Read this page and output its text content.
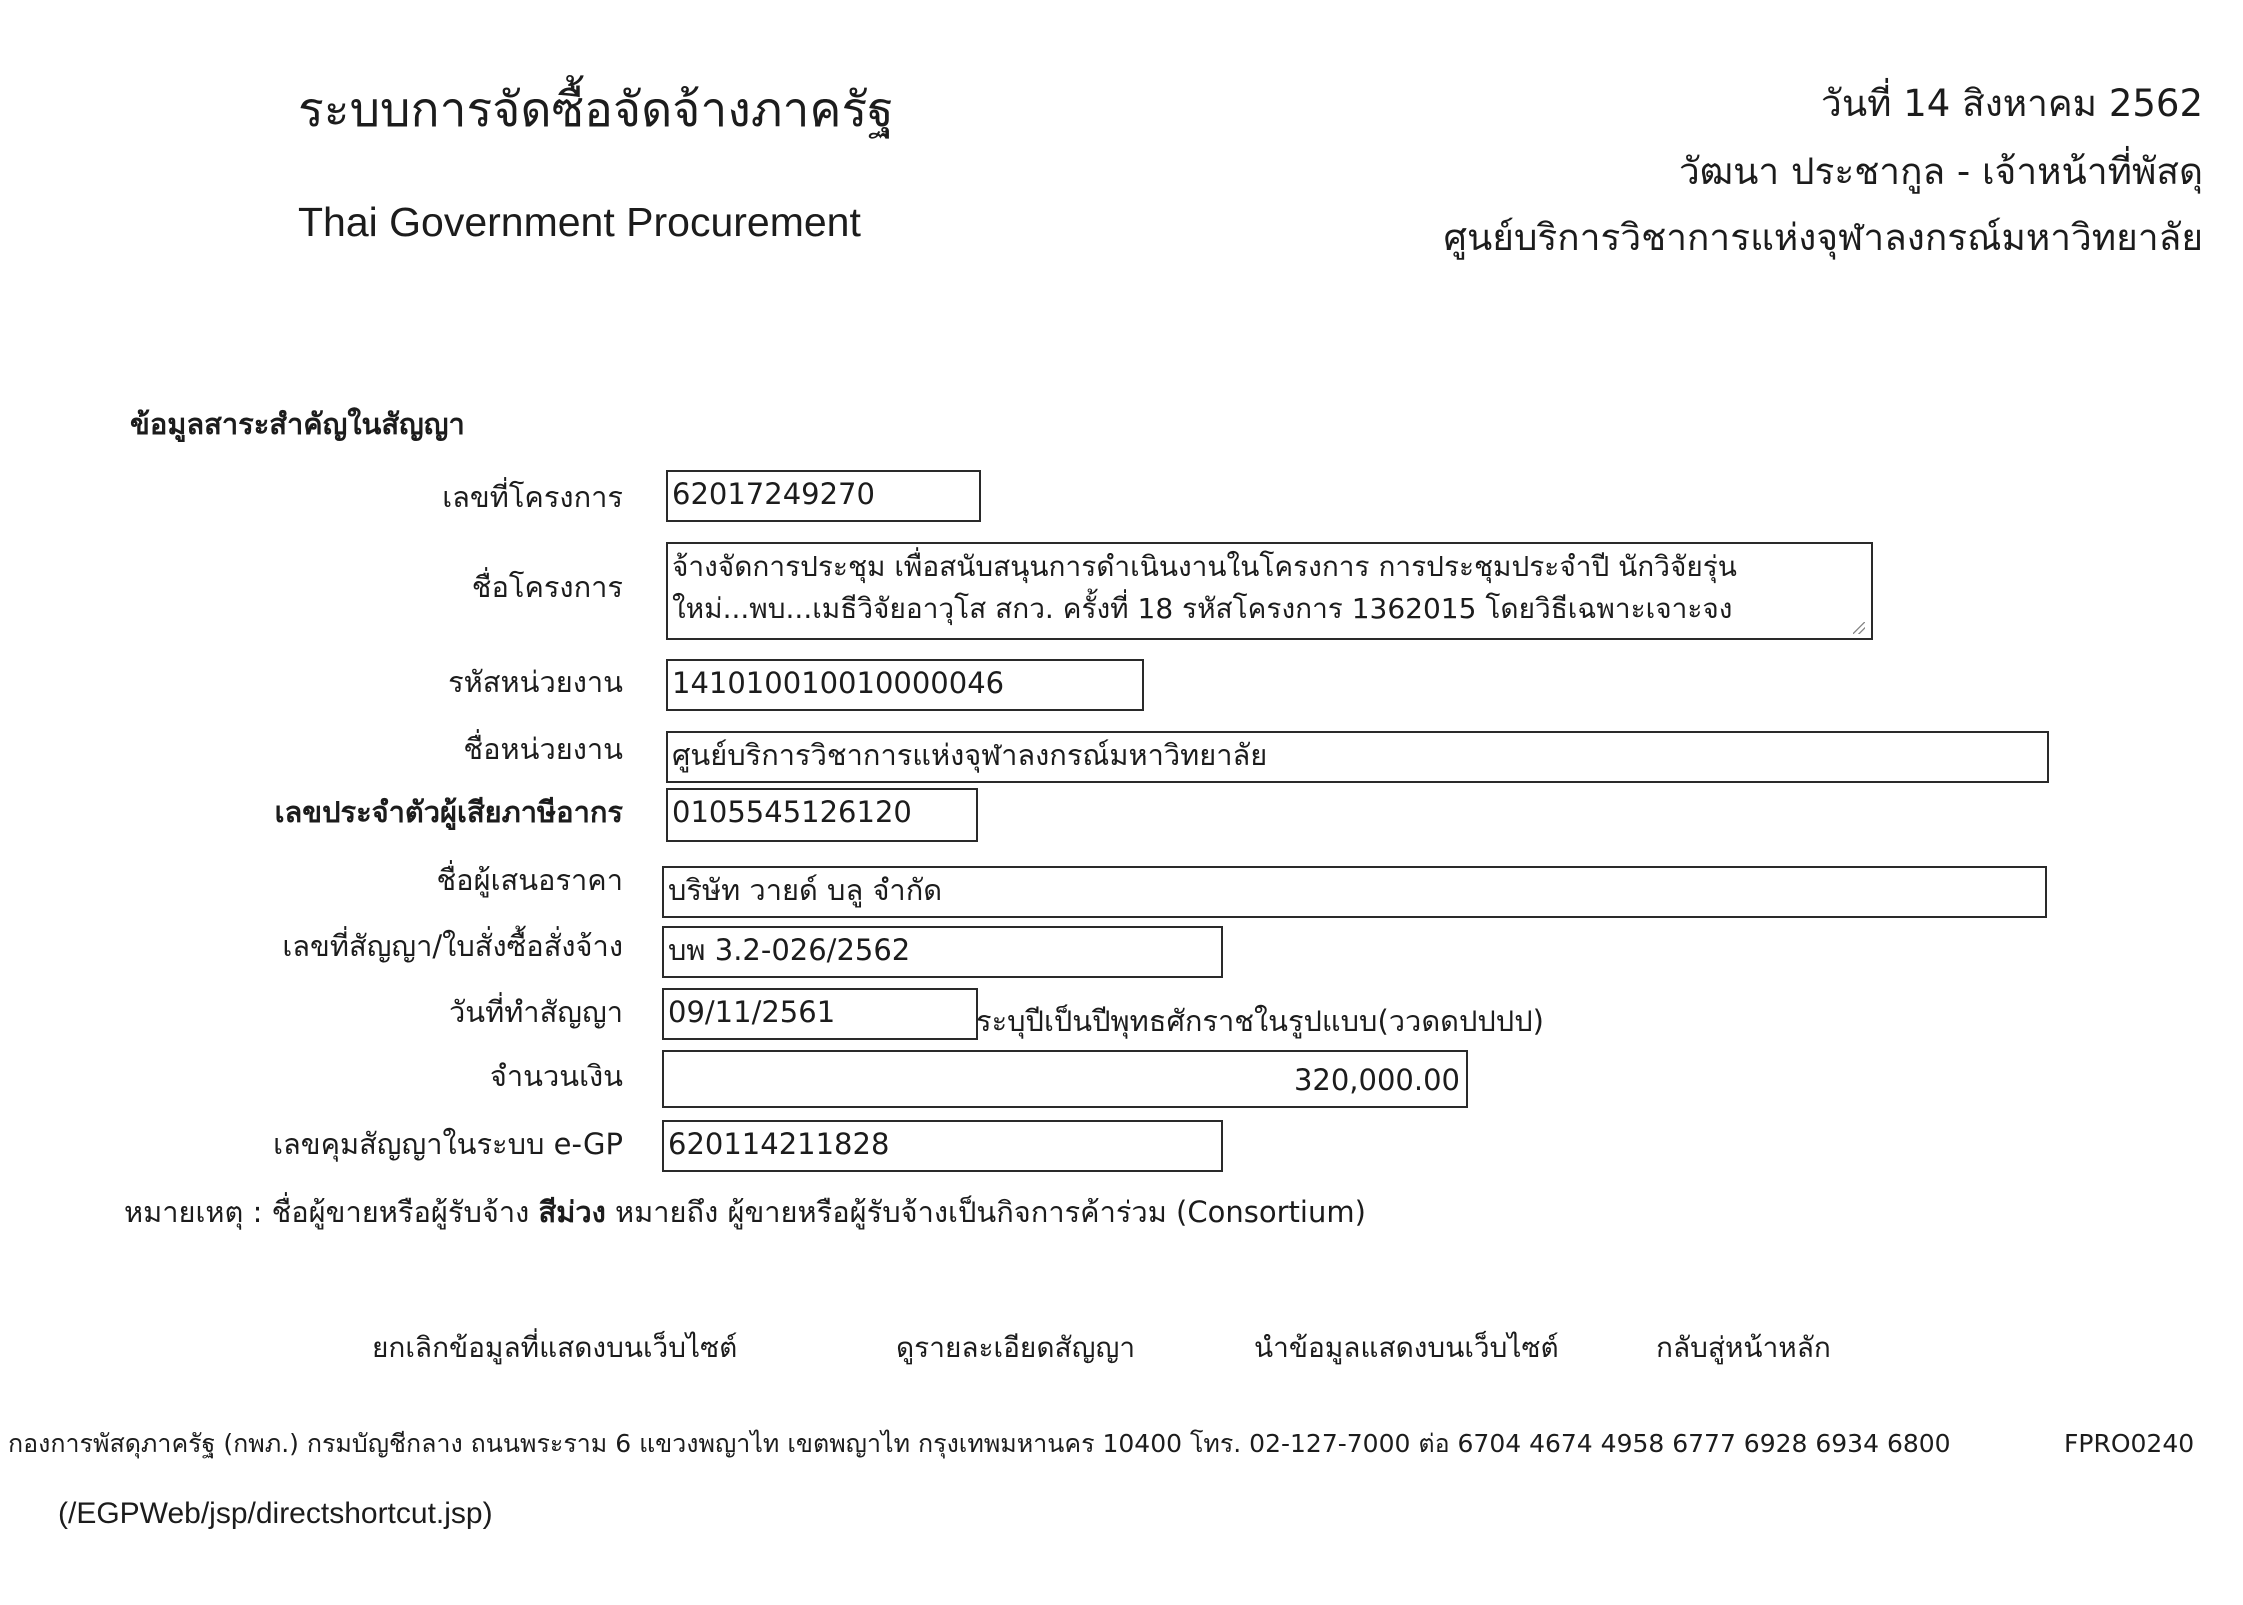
ระบบการจัดซื้อจัดจ้างภาครัฐ
Thai Government Procurement
วันที่ 14 สิงหาคม 2562
วัฒนา ประชากูล - เจ้าหน้าที่พัสดุ
ศูนย์บริการวิชาการแห่งจุฬาลงกรณ์มหาวิทยาลัย
ข้อมูลสาระสำคัญในสัญญา
เลขที่โครงการ 62017249270
ชื่อโครงการ
จ้างจัดการประชุม เพื่อสนับสนุนการดำเนินงานในโครงการ การประชุมประจำปี นักวิจัยรุ่นใหม่...พบ...เมธีวิจัยอาวุโส สกว. ครั้งที่ 18 รหัสโครงการ 1362015 โดยวิธีเฉพาะเจาะจง
รหัสหน่วยงาน 141010010010000046
ชื่อหน่วยงาน ศูนย์บริการวิชาการแห่งจุฬาลงกรณ์มหาวิทยาลัย
เลขประจำตัวผู้เสียภาษีอากร 0105545126120
ชื่อผู้เสนอราคา บริษัท วายด์ บลู จำกัด
เลขที่สัญญา/ใบสั่งซื้อสั่งจ้าง บพ 3.2-026/2562
วันที่ทำสัญญา 09/11/2561	ระบุปีเป็นปีพุทธศักราชในรูปแบบ(ววดดปปปป)
จำนวนเงิน	320,000.00
เลขคุมสัญญาในระบบ e-GP 620114211828
หมายเหตุ : ชื่อผู้ขายหรือผู้รับจ้าง สีม่วง หมายถึง ผู้ขายหรือผู้รับจ้างเป็นกิจการค้าร่วม (Consortium)
ยกเลิกข้อมูลที่แสดงบนเว็บไซต์	ดูรายละเอียดสัญญา	นำข้อมูลแสดงบนเว็บไซต์	กลับสู่หน้าหลัก
กองการพัสดุภาครัฐ (กพภ.) กรมบัญชีกลาง ถนนพระราม 6 แขวงพญาไท เขตพญาไท กรุงเทพมหานคร 10400 โทร. 02-127-7000 ต่อ 6704 4674 4958 6777 6928 6934 6800	FPRO0240
(/EGPWeb/jsp/directshortcut.jsp)
